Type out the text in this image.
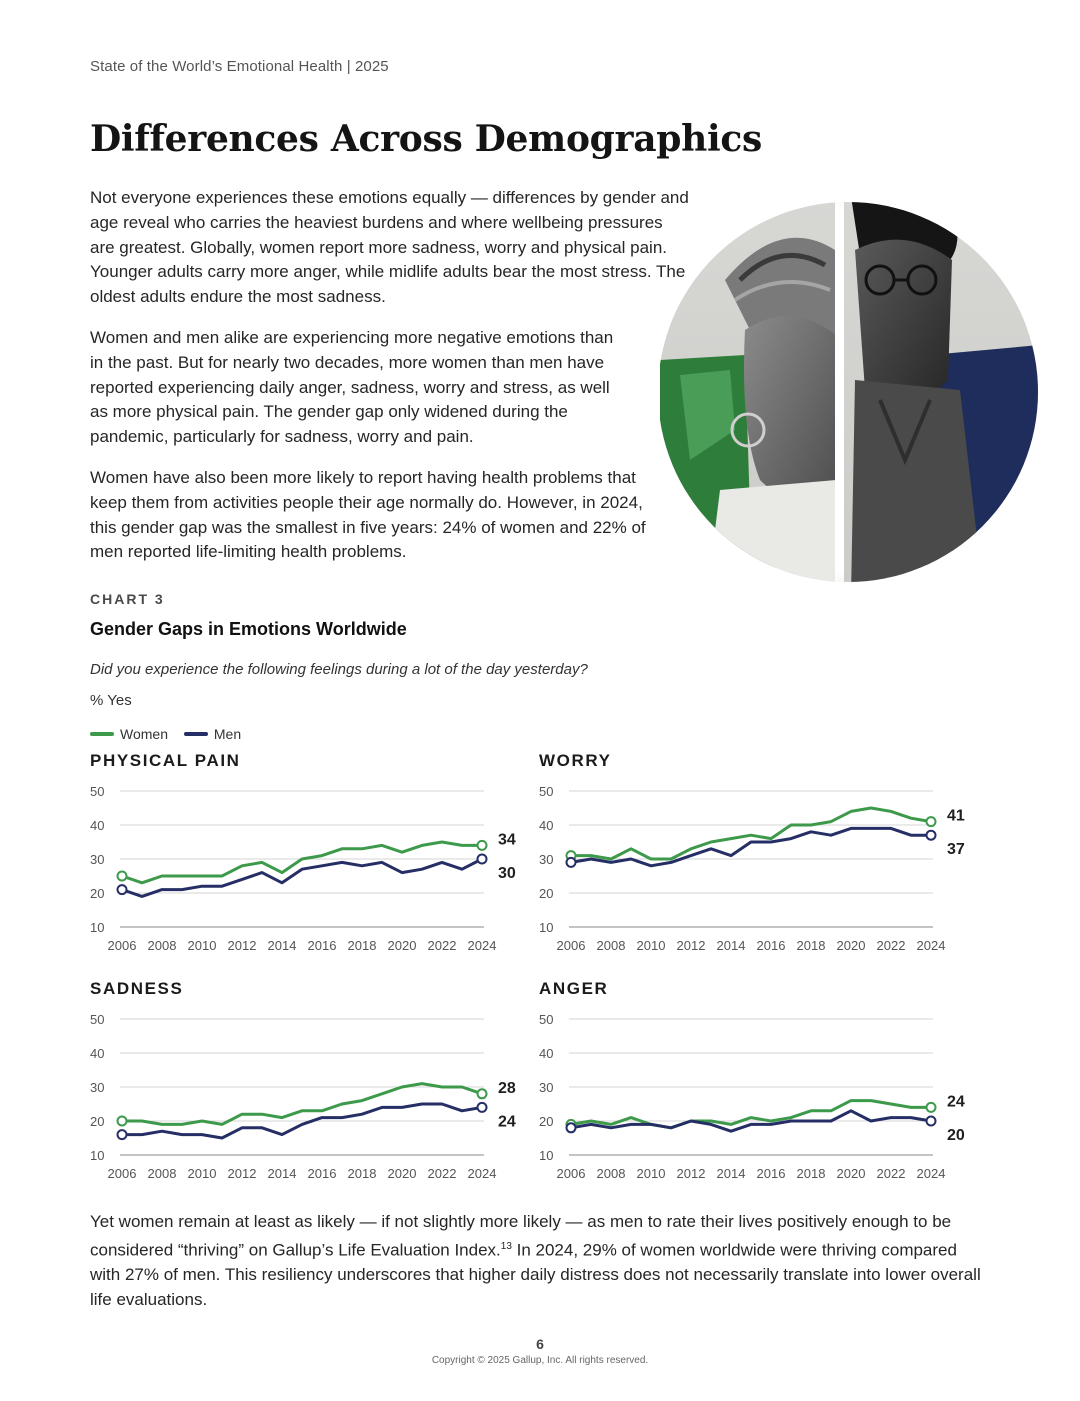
State of the World’s Emotional Health | 2025
Differences Across Demographics

Not everyone experiences these emotions equally — differences by gender and age reveal who carries the heaviest burdens and where wellbeing pressures are greatest. Globally, women report more sadness, worry and physical pain. Younger adults carry more anger, while midlife adults bear the most stress. The oldest adults endure the most sadness.

Women and men alike are experiencing more negative emotions than in the past. But for nearly two decades, more women than men have reported experiencing daily anger, sadness, worry and stress, as well as more physical pain. The gender gap only widened during the pandemic, particularly for sadness, worry and pain.

Women have also been more likely to report having health problems that keep them from activities people their age normally do. However, in 2024, this gender gap was the smallest in five years: 24% of women and 22% of men reported life-limiting health problems.

CHART 3
Gender Gaps in Emotions Worldwide
Did you experience the following feelings during a lot of the day yesterday?
% Yes
Women
	Men
PHYSICAL PAIN
10
20
30
40
50
2006 2008 2010 2012 2014 2016 2018 2020 2022 2024
34
30
WORRY
10
20
30
40
50
2006 2008 2010 2012 2014 2016 2018 2020 2022 2024
41
37
SADNESS
10
20
30
40
50
2006 2008 2010 2012 2014 2016 2018 2020 2022 2024
28
24
ANGER
10
20
30
40
50
2006 2008 2010 2012 2014 2016 2018 2020 2022 2024
24
20

Yet women remain at least as likely — if not slightly more likely — as men to rate their lives positively enough to be considered “thriving” on Gallup’s Life Evaluation Index.$^{13}$ In 2024, 29% of women worldwide were thriving compared with 27% of men. This resiliency underscores that higher daily distress does not necessarily translate into lower overall life evaluations.

6
Copyright © 2025 Gallup, Inc. All rights reserved.
